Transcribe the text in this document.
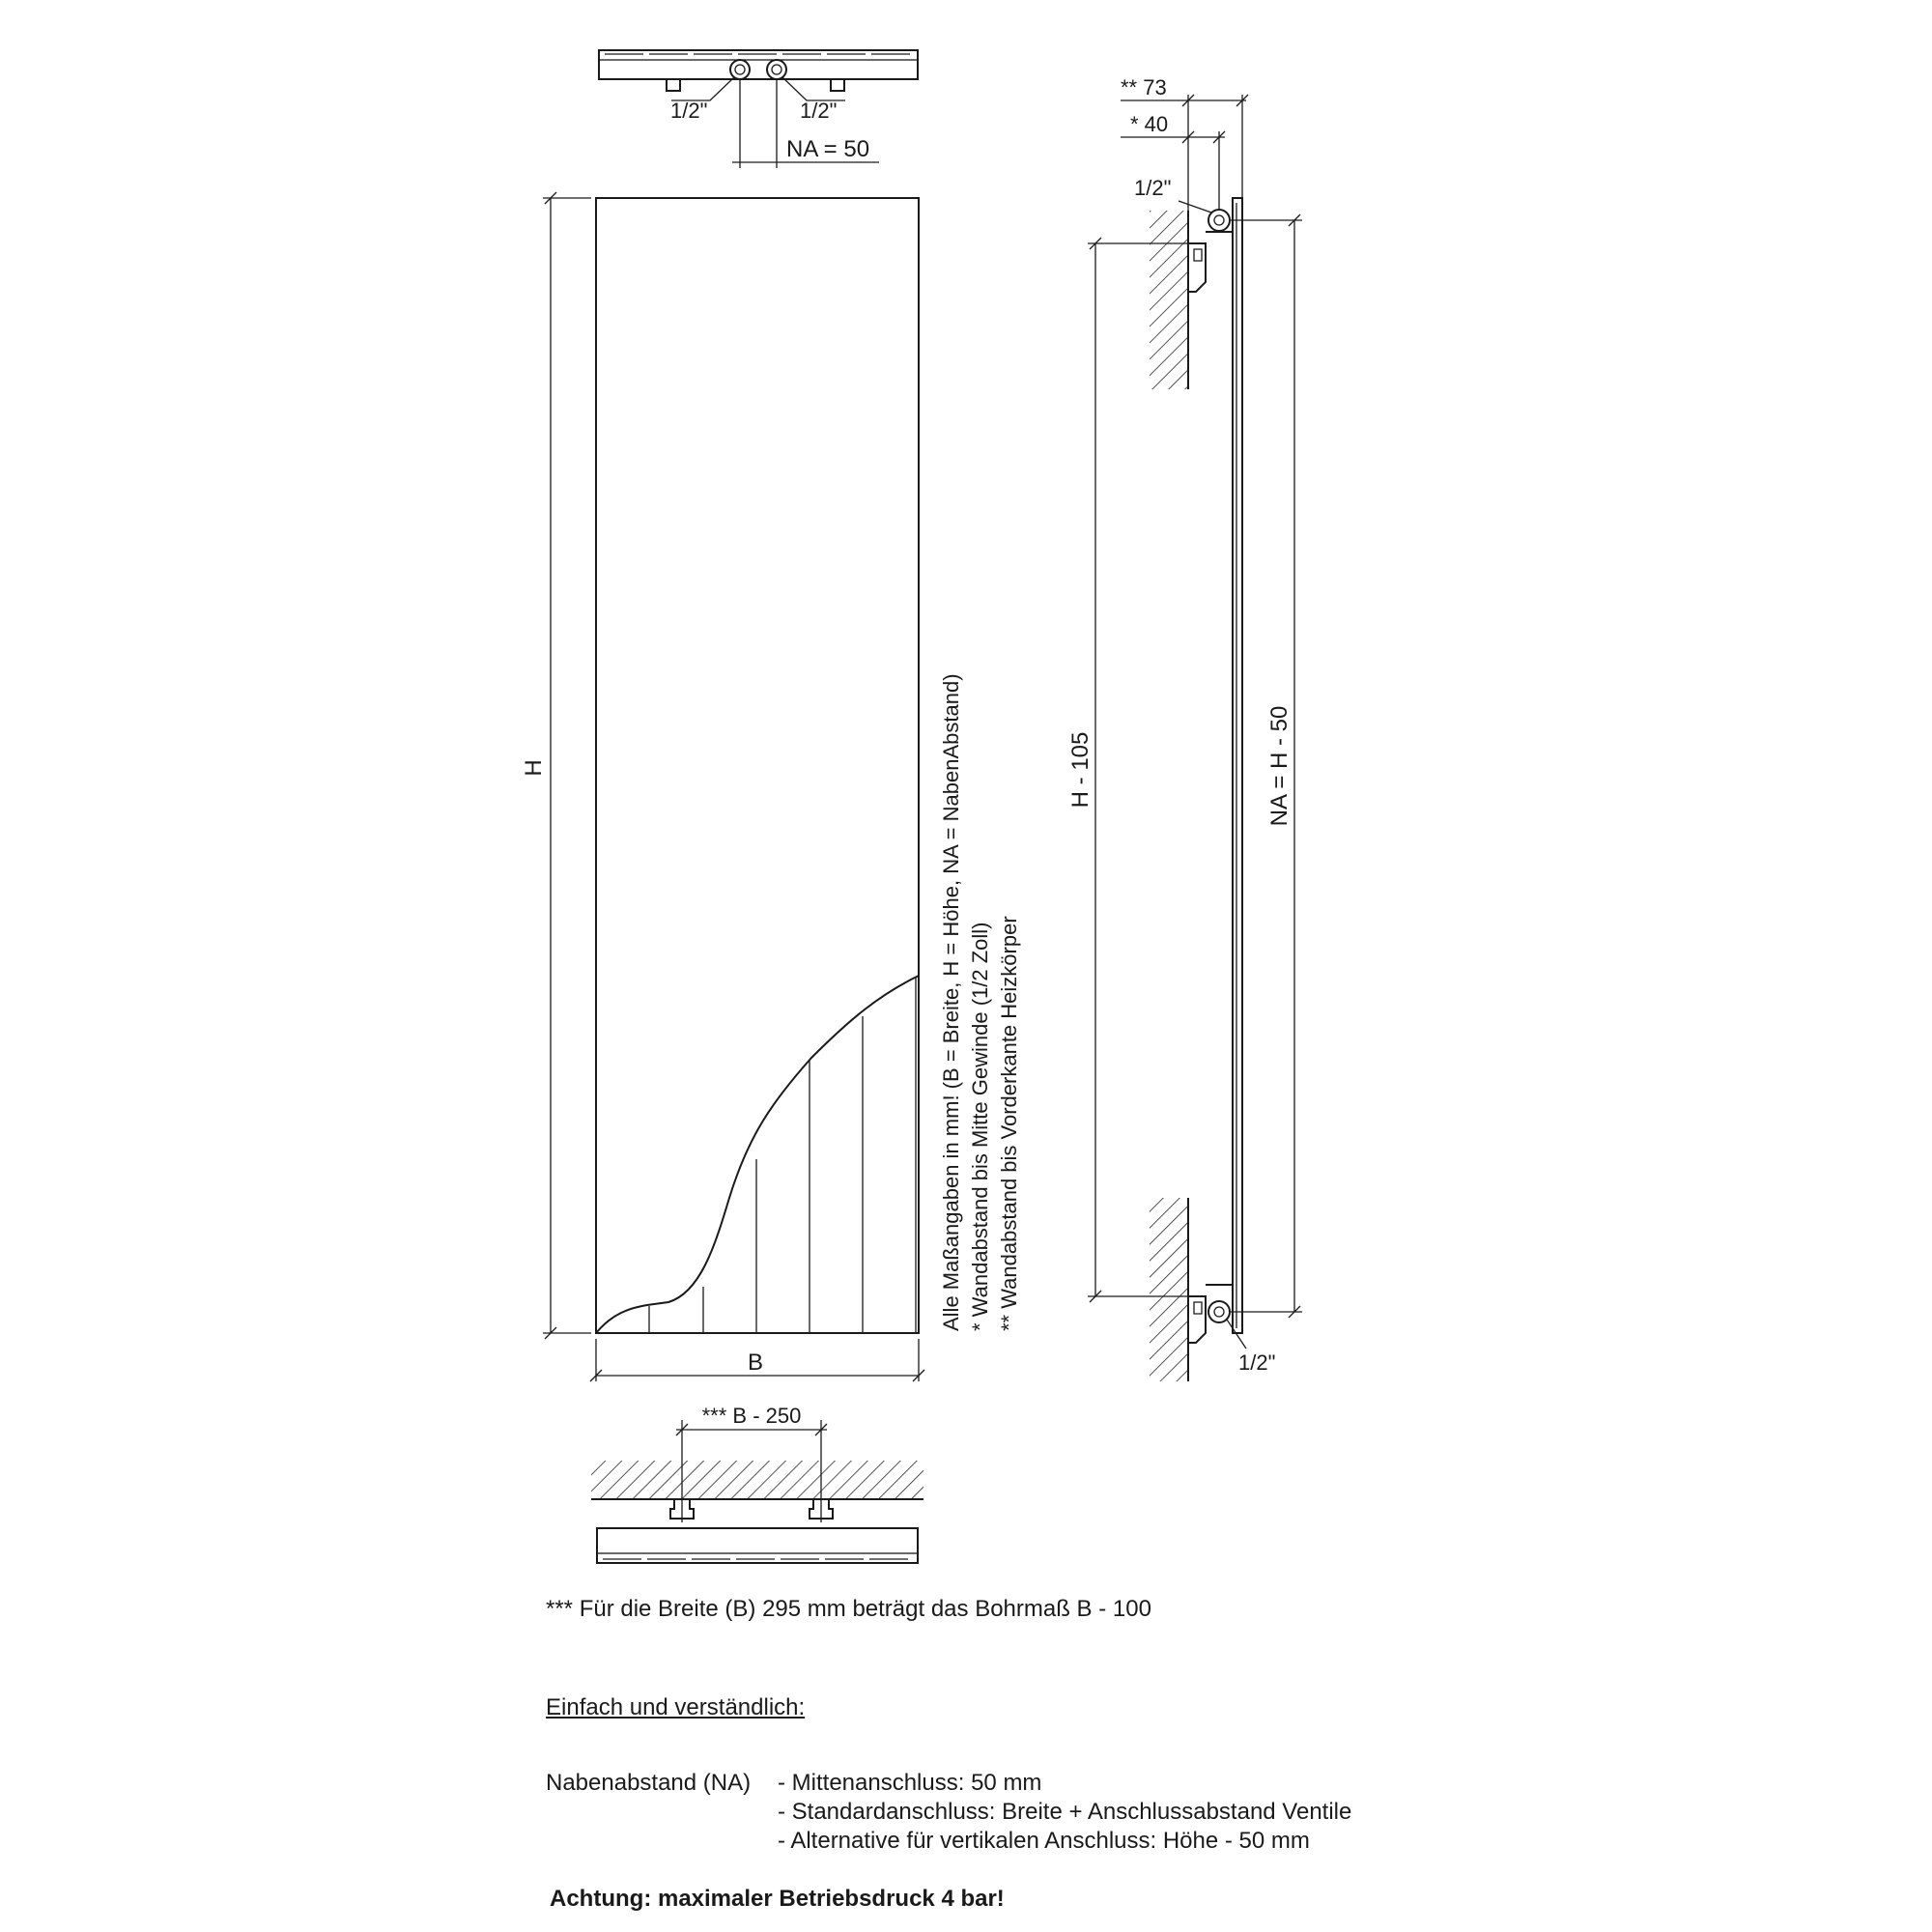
1/2"	1/2"
NA = 50
H
B
Alle Maßangaben in mm! (B = Breite, H = Höhe, NA = NabenAbstand) * Wandabstand bis Mitte Gewinde (1/2 Zoll) ** Wandabstand bis Vorderkante Heizkörper
1/2"
1/2"
** 73
* 40
H - 105	NA = H - 50
*** B - 250
*** Für die Breite (B) 295 mm beträgt das Bohrmaß B - 100
Einfach und verständlich:
Nabenabstand (NA) - Mittenanschluss: 50 mm
- Standardanschluss: Breite + Anschlussabstand Ventile
- Alternative für vertikalen Anschluss: Höhe - 50 mm
Achtung: maximaler Betriebsdruck 4 bar!
